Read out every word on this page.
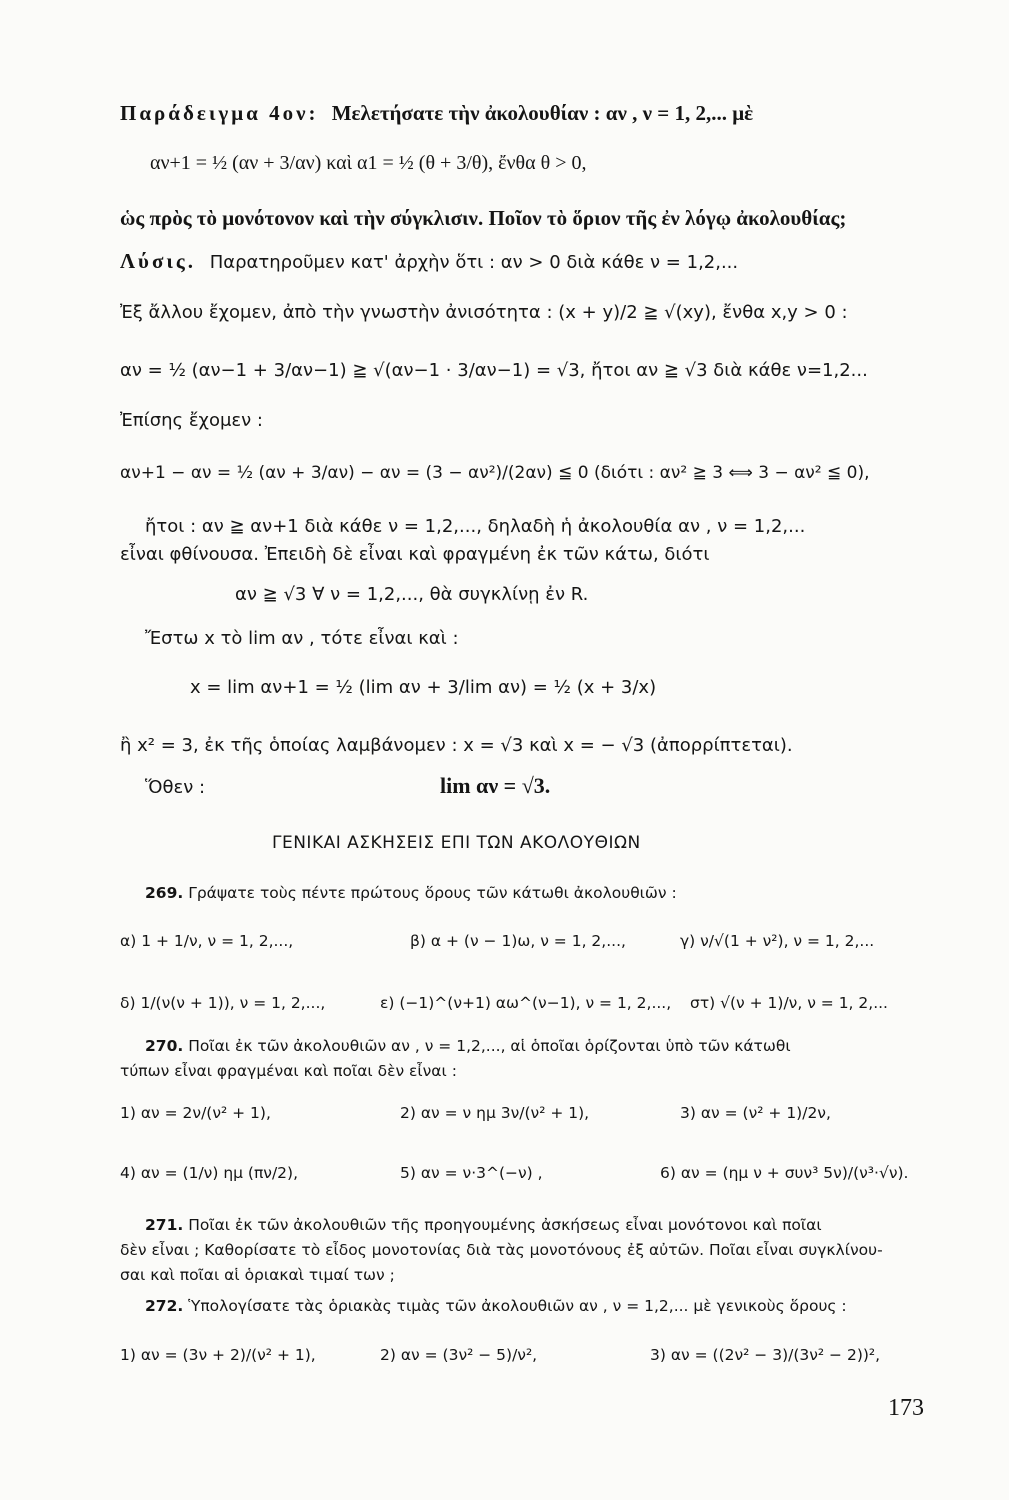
Παράδειγμα 4ον: Μελετήσατε τὴν ἀκολουθίαν : αν , ν = 1, 2,... μὲ
αν+1 = ½ (αν + 3/αν) καὶ α1 = ½ (θ + 3/θ), ἔνθα θ > 0,
ὡς πρὸς τὸ μονότονον καὶ τὴν σύγκλισιν. Ποῖον τὸ ὅριον τῆς ἐν λόγῳ ἀκολουθίας;
Λύσις. Παρατηροῦμεν κατ' ἀρχὴν ὅτι : αν > 0 διὰ κάθε ν = 1,2,...
Ἐξ ἄλλου ἔχομεν, ἀπὸ τὴν γνωστὴν ἀνισότητα : (x + y)/2 ≧ √(xy), ἔνθα x,y > 0 :
αν = ½ (αν−1 + 3/αν−1) ≧ √(αν−1 · 3/αν−1) = √3, ἤτοι αν ≧ √3 διὰ κάθε ν=1,2...
Ἐπίσης ἔχομεν :
αν+1 − αν = ½ (αν + 3/αν) − αν = (3 − αν²)/(2αν) ≦ 0 (διότι : αν² ≧ 3 ⟺ 3 − αν² ≦ 0),
ἤτοι : αν ≧ αν+1 διὰ κάθε ν = 1,2,..., δηλαδὴ ἡ ἀκολουθία αν , ν = 1,2,...
εἶναι φθίνουσα. Ἐπειδὴ δὲ εἶναι καὶ φραγμένη ἐκ τῶν κάτω, διότι
αν ≧ √3 ∀ ν = 1,2,..., θὰ συγκλίνῃ ἐν R.
Ἔστω x τὸ lim αν , τότε εἶναι καὶ :
x = lim αν+1 = ½ (lim αν + 3/lim αν) = ½ (x + 3/x)
ἢ x² = 3, ἐκ τῆς ὁποίας λαμβάνομεν : x = √3 καὶ x = − √3 (ἀπορρίπτεται).
Ὅθεν :	lim αν = √3.
ΓΕΝΙΚΑΙ ΑΣΚΗΣΕΙΣ ΕΠΙ ΤΩΝ ΑΚΟΛΟΥΘΙΩΝ
269. Γράψατε τοὺς πέντε πρώτους ὅρους τῶν κάτωθι ἀκολουθιῶν :
α) 1 + 1/ν, ν = 1, 2,...,	β) α + (ν − 1)ω, ν = 1, 2,...,	γ) ν/√(1 + ν²), ν = 1, 2,...
δ) 1/(ν(ν + 1)), ν = 1, 2,...,	ε) (−1)^(ν+1) αω^(ν−1), ν = 1, 2,..., στ) √(ν + 1)/ν, ν = 1, 2,...
270. Ποῖαι ἐκ τῶν ἀκολουθιῶν αν , ν = 1,2,..., αἱ ὁποῖαι ὁρίζονται ὑπὸ τῶν κάτωθι
τύπων εἶναι φραγμέναι καὶ ποῖαι δὲν εἶναι :
1) αν = 2ν/(ν² + 1),	2) αν = ν ημ 3ν/(ν² + 1),	3) αν = (ν² + 1)/2ν,
4) αν = (1/ν) ημ (πν/2),	5) αν = ν·3^(−ν) ,	6) αν = (ημ ν + συν³ 5ν)/(ν³·√ν).
271. Ποῖαι ἐκ τῶν ἀκολουθιῶν τῆς προηγουμένης ἀσκήσεως εἶναι μονότονοι καὶ ποῖαι
δὲν εἶναι ; Καθορίσατε τὸ εἶδος μονοτονίας διὰ τὰς μονοτόνους ἐξ αὐτῶν. Ποῖαι εἶναι συγκλίνου-
σαι καὶ ποῖαι αἱ ὁριακαὶ τιμαί των ;
272. Ὑπολογίσατε τὰς ὁριακὰς τιμὰς τῶν ἀκολουθιῶν αν , ν = 1,2,... μὲ γενικοὺς ὅρους :
1) αν = (3ν + 2)/(ν² + 1),	2) αν = (3ν² − 5)/ν²,	3) αν = ((2ν² − 3)/(3ν² − 2))²,
173
